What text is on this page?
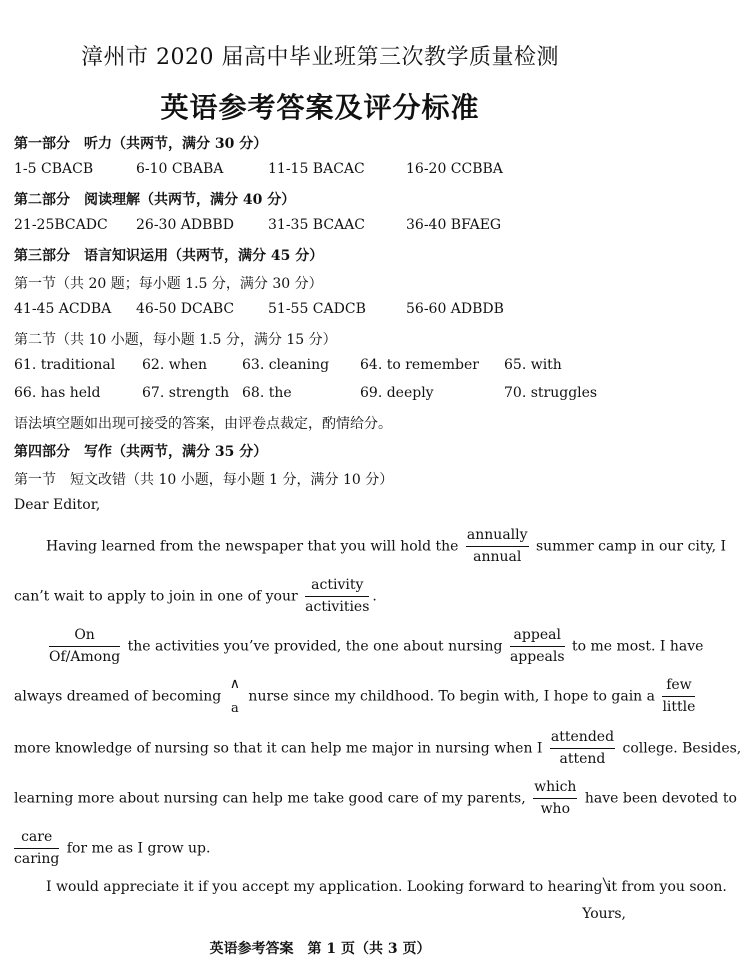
漳州市 2020 届高中毕业班第三次教学质量检测
英语参考答案及评分标准
第一部分　听力（共两节，满分 30 分）
1-5 CBACB	6-10 CBABA	11-15 BACAC	16-20 CCBBA
第二部分　阅读理解（共两节，满分 40 分）
21-25BCADC 26-30 ADBBD 31-35 BCAAC	36-40 BFAEG
第三部分　语言知识运用（共两节，满分 45 分）
第一节（共 20 题；每小题 1.5 分，满分 30 分）
41-45 ACDBA 46-50 DCABC 51-55 CADCB	56-60 ADBDB
第二节（共 10 小题，每小题 1.5 分，满分 15 分）
61. traditional 62. when 63. cleaning 64. to remember 65. with
66. has held	67. strength 68. the	69. deeply	70. struggles
语法填空题如出现可接受的答案，由评卷点裁定，酌情给分。
第四部分　写作（共两节，满分 35 分）
第一节　短文改错（共 10 小题，每小题 1 分，满分 10 分）
Dear Editor,
Having learned from the newspaper that you will hold the $\frac{\text{annually}}{\text{annual}}$ summer camp in our city, I
can’t wait to apply to join in one of your $\frac{\text{activity}}{\text{activities}}$ .
$\frac{On}{\text{Of/Among}}$ the activities you’ve provided, the one about nursing $\frac{\text{appeal}}{\text{appeals}}$ to me most. I have
always dreamed of becoming
∧
a
nurse since my childhood. To begin with, I hope to gain a $\frac{\text{few}}{\text{little}}$
more knowledge of nursing so that it can help me major in nursing when I $\frac{\text{attended}}{\text{attend}}$ college. Besides,
learning more about nursing can help me take good care of my parents, $\frac{\text{which}}{\text{who}}$ have been devoted to
$\frac{\text{care}}{\text{caring}}$ for me as I grow up.
I would appreciate it if you accept my application. Looking forward to hearing it from you soon.
Yours,
英语参考答案　第 1 页（共 3 页）
